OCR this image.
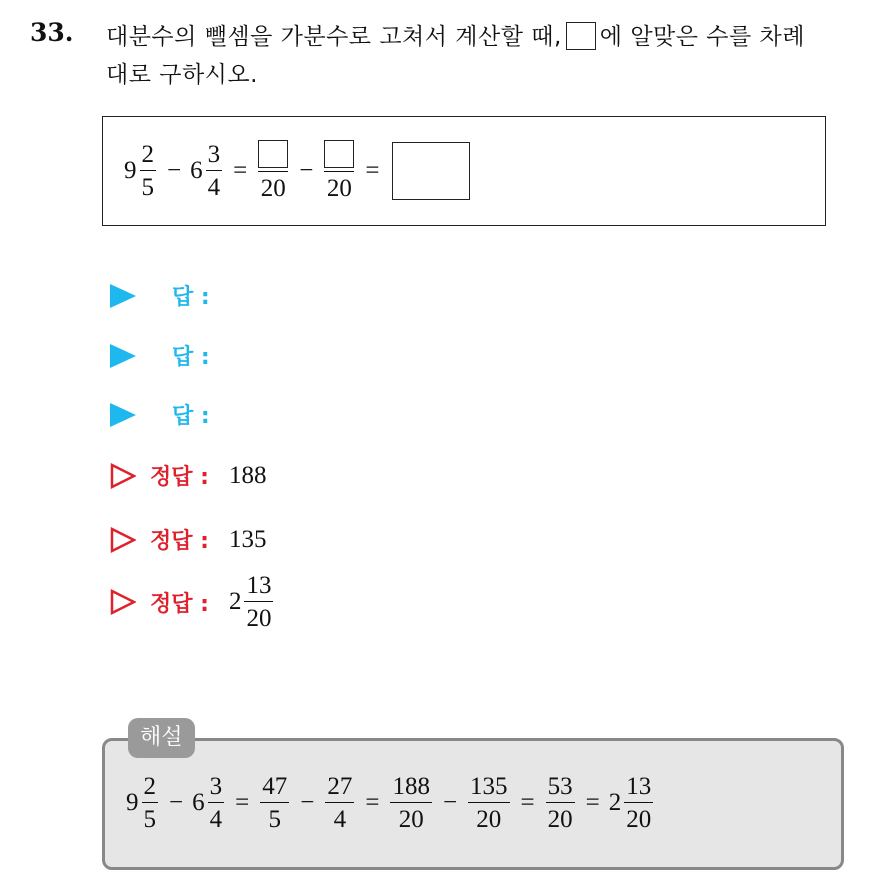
33. 대분수의 뺄셈을 가분수로 고쳐서 계산할 때, 에 알맞은 수를 차례
대로 구하시오.
$9 \frac{2}{5} - 6 \frac{3}{4}$ =
20
−
20
=
답 :
답 :
답 :
정답 : 188
정답 : 135
정답 : $2 \frac{13}{20}$
해설
$9 \frac{2}{5} - 6 \frac{3}{4} = \frac{47}{5} - \frac{27}{4} = \frac{188}{20} - \frac{135}{20} = \frac{53}{20} = 2 \frac{13}{20}$
